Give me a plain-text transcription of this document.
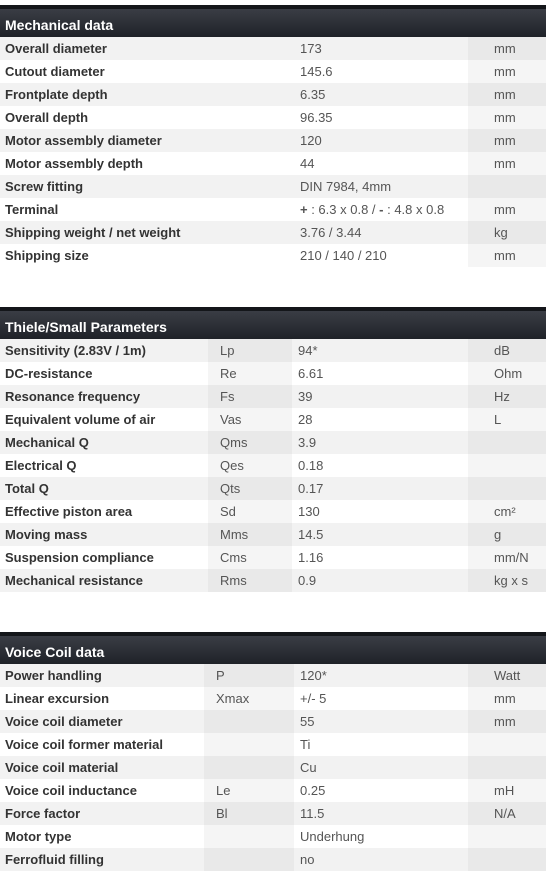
Mechanical data
Overall diameter	173	mm
Cutout diameter	145.6	mm
Frontplate depth	6.35	mm
Overall depth	96.35	mm
Motor assembly diameter	120	mm
Motor assembly depth	44	mm
Screw fitting	DIN 7984, 4mm	
Terminal	+ : 6.3 x 0.8 / - : 4.8 x 0.8	mm
Shipping weight / net weight	3.76 / 3.44	kg
Shipping size	210 / 140 / 210	mm
Thiele/Small Parameters
Sensitivity (2.83V / 1m)	Lp	94*	dB
DC-resistance	Re	6.61	Ohm
Resonance frequency	Fs	39	Hz
Equivalent volume of air	Vas	28	L
Mechanical Q	Qms	3.9	
Electrical Q	Qes	0.18	
Total Q	Qts	0.17	
Effective piston area	Sd	130	cm²
Moving mass	Mms	14.5	g
Suspension compliance	Cms	1.16	mm/N
Mechanical resistance	Rms	0.9	kg x s
Voice Coil data
Power handling	P	120*	Watt
Linear excursion	Xmax	+/- 5	mm
Voice coil diameter		55	mm
Voice coil former material		Ti	
Voice coil material		Cu	
Voice coil inductance	Le	0.25	mH
Force factor	Bl	11.5	N/A
Motor type		Underhung	
Ferrofluid filling		no	
